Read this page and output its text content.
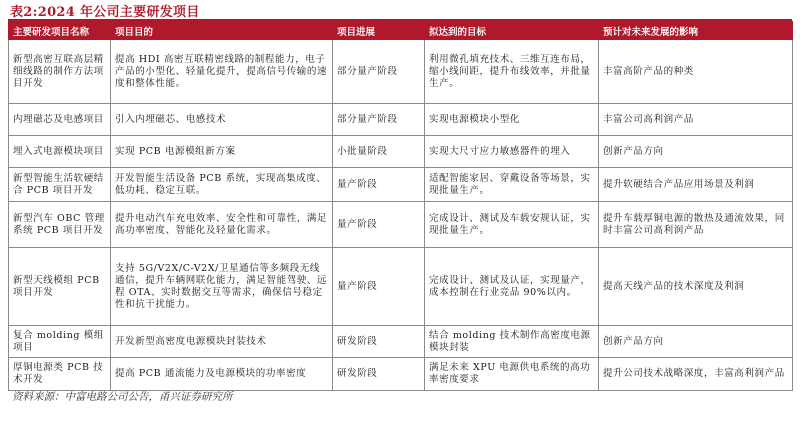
表2:2024 年公司主要研发项目
主要研发项目名称	项目目的	项目进展	拟达到的目标	预计对未来发展的影响
新型高密互联高层精细线路的制作方法项目开发	提高 HDI 高密互联精密线路的制程能力，电子产品的小型化、轻量化提升，提高信号传输的速度和整体性能。	部分量产阶段	利用微孔填充技术、三维互连布局，缩小线间距，提升布线效率，并批量生产。	丰富高阶产品的种类
内埋磁芯及电感项目	引入内埋磁芯、电感技术	部分量产阶段	实现电源模块小型化	丰富公司高利润产品
埋入式电源模块项目	实现 PCB 电源模组新方案	小批量阶段	实现大尺寸应力敏感器件的埋入	创新产品方向
新型智能生活软硬结合 PCB 项目开发	开发智能生活设备 PCB 系统，实现高集成度、低功耗、稳定互联。	量产阶段	适配智能家居、穿戴设备等场景，实现批量生产。	提升软硬结合产品应用场景及利润
新型汽车 OBC 管理系统 PCB 项目开发	提升电动汽车充电效率、安全性和可靠性，满足高功率密度、智能化及轻量化需求。	量产阶段	完成设计、测试及车载安规认证，实现批量生产。	提升车载厚铜电源的散热及通流效果，同时丰富公司高利润产品
新型天线模组 PCB 项目开发	支持 5G/V2X/C-V2X/卫星通信等多频段无线通信，提升车辆网联化能力，满足智能驾驶、远程 OTA、实时数据交互等需求，确保信号稳定性和抗干扰能力。	量产阶段	完成设计、测试及认证，实现量产，成本控制在行业竞品 90%以内。	提高天线产品的技术深度及利润
复合 molding 模组项目	开发新型高密度电源模块封装技术	研发阶段	结合 molding 技术制作高密度电源模块封装	创新产品方向
厚铜电源类 PCB 技术开发	提高 PCB 通流能力及电源模块的功率密度	研发阶段	满足未来 XPU 电源供电系统的高功率密度要求	提升公司技术战略深度，丰富高利润产品
资料来源：中富电路公司公告，甬兴证券研究所
